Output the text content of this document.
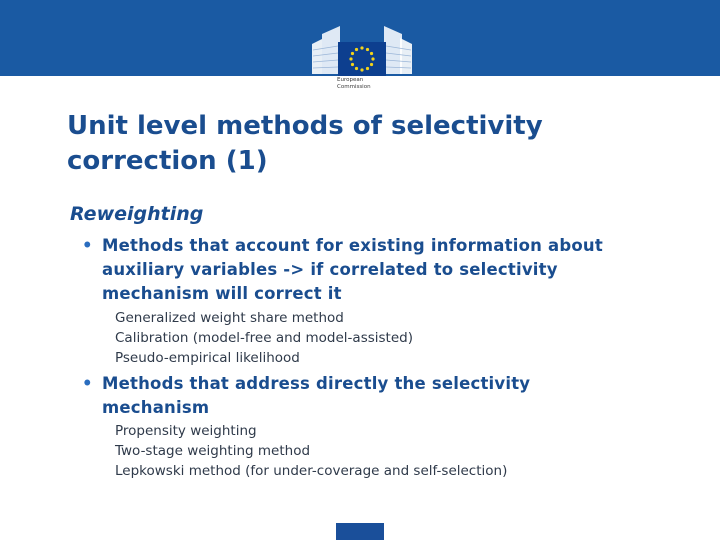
European
Commission
Unit level methods of selectivity correction (1)
Reweighting
• Methods that account for existing information about auxiliary variables -> if correlated to selectivity mechanism will correct it
Generalized weight share method
Calibration (model-free and model-assisted)
Pseudo-empirical likelihood
• Methods that address directly the selectivity mechanism
Propensity weighting
Two-stage weighting method
Lepkowski method (for under-coverage and self-selection)
